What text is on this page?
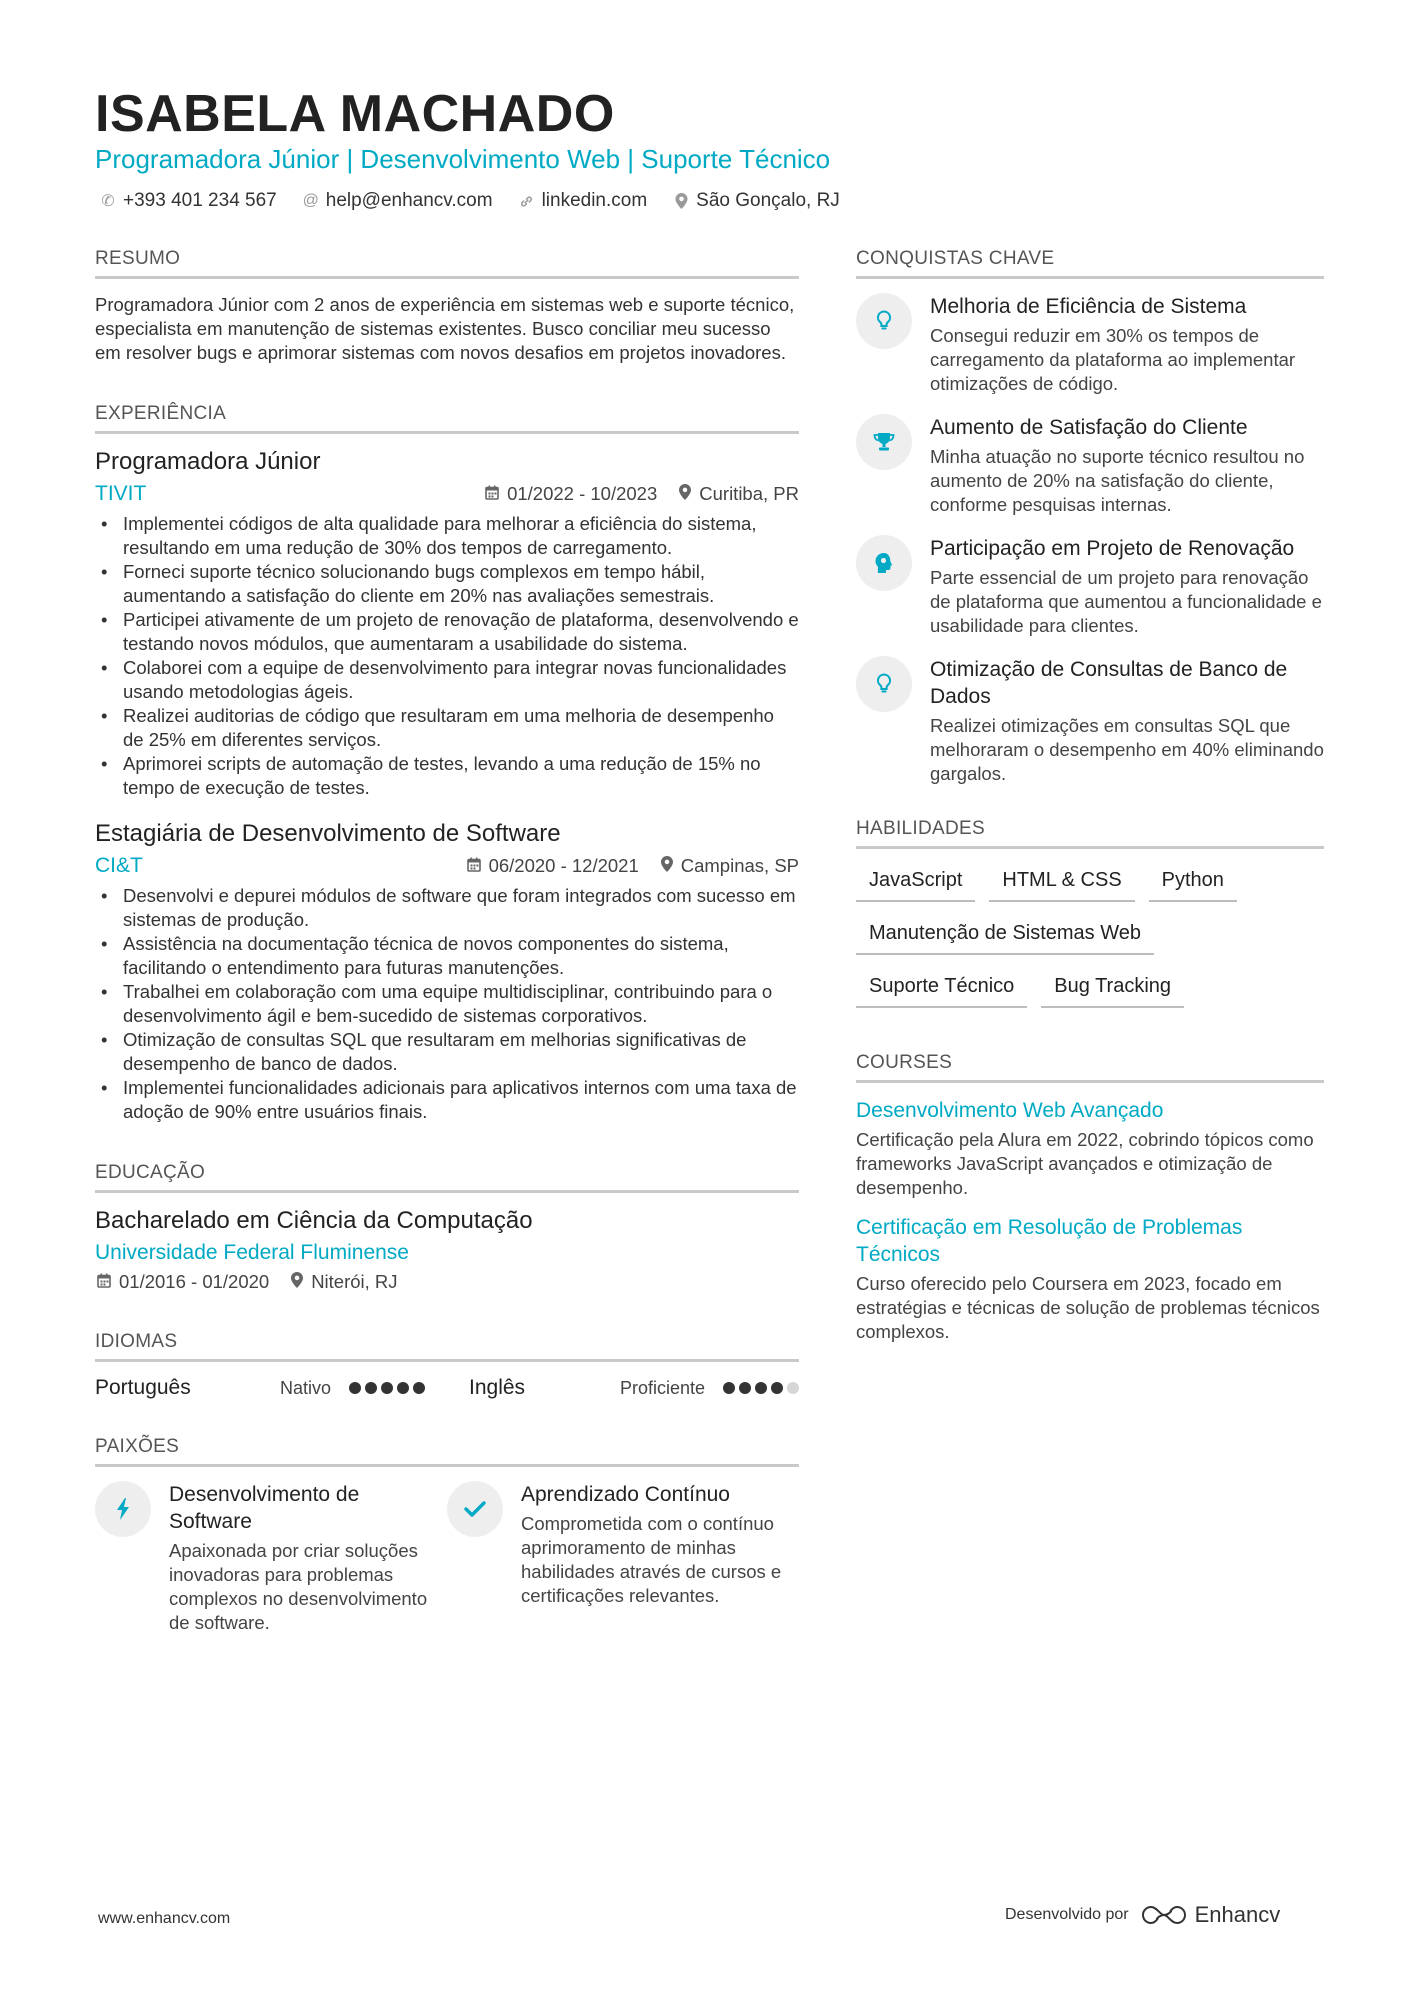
ISABELA MACHADO
Programadora Júnior | Desenvolvimento Web | Suporte Técnico
✆ +393 401 234 567 @ help@enhancv.com	linkedin.com	São Gonçalo, RJ
RESUMO

Programadora Júnior com 2 anos de experiência em sistemas web e suporte técnico, especialista em manutenção de sistemas existentes. Busco conciliar meu sucesso em resolver bugs e aprimorar sistemas com novos desafios em projetos inovadores.

EXPERIÊNCIA
Programadora Júnior
TIVIT	01/2022 - 10/2023 Curitiba, PR
• Implementei códigos de alta qualidade para melhorar a eficiência do sistema, resultando em uma redução de 30% dos tempos de carregamento.
• Forneci suporte técnico solucionando bugs complexos em tempo hábil, aumentando a satisfação do cliente em 20% nas avaliações semestrais.
• Participei ativamente de um projeto de renovação de plataforma, desenvolvendo e testando novos módulos, que aumentaram a usabilidade do sistema.
• Colaborei com a equipe de desenvolvimento para integrar novas funcionalidades usando metodologias ágeis.
• Realizei auditorias de código que resultaram em uma melhoria de desempenho de 25% em diferentes serviços.
• Aprimorei scripts de automação de testes, levando a uma redução de 15% no tempo de execução de testes.
Estagiária de Desenvolvimento de Software
CI&T	06/2020 - 12/2021 Campinas, SP
• Desenvolvi e depurei módulos de software que foram integrados com sucesso em sistemas de produção.
• Assistência na documentação técnica de novos componentes do sistema, facilitando o entendimento para futuras manutenções.
• Trabalhei em colaboração com uma equipe multidisciplinar, contribuindo para o desenvolvimento ágil e bem-sucedido de sistemas corporativos.
• Otimização de consultas SQL que resultaram em melhorias significativas de desempenho de banco de dados.
• Implementei funcionalidades adicionais para aplicativos internos com uma taxa de adoção de 90% entre usuários finais.
EDUCAÇÃO
Bacharelado em Ciência da Computação
Universidade Federal Fluminense
01/2016 - 01/2020 Niterói, RJ
IDIOMAS
Português	Nativo	Inglês	Proficiente
PAIXÕES
Desenvolvimento de Software
Apaixonada por criar soluções inovadoras para problemas complexos no desenvolvimento de software.
Aprendizado Contínuo
Comprometida com o contínuo aprimoramento de minhas habilidades através de cursos e certificações relevantes.
CONQUISTAS CHAVE
Melhoria de Eficiência de Sistema
Consegui reduzir em 30% os tempos de carregamento da plataforma ao implementar otimizações de código.
Aumento de Satisfação do Cliente
Minha atuação no suporte técnico resultou no aumento de 20% na satisfação do cliente, conforme pesquisas internas.
Participação em Projeto de Renovação
Parte essencial de um projeto para renovação de plataforma que aumentou a funcionalidade e usabilidade para clientes.
Otimização de Consultas de Banco de Dados
Realizei otimizações em consultas SQL que melhoraram o desempenho em 40% eliminando gargalos.
HABILIDADES
JavaScript	HTML & CSS	Python
Manutenção de Sistemas Web
Suporte Técnico	Bug Tracking
COURSES
Desenvolvimento Web Avançado
Certificação pela Alura em 2022, cobrindo tópicos como frameworks JavaScript avançados e otimização de desempenho.
Certificação em Resolução de Problemas Técnicos
Curso oferecido pelo Coursera em 2023, focado em estratégias e técnicas de solução de problemas técnicos complexos.
www.enhancv.com	Desenvolvido por	Enhancv
